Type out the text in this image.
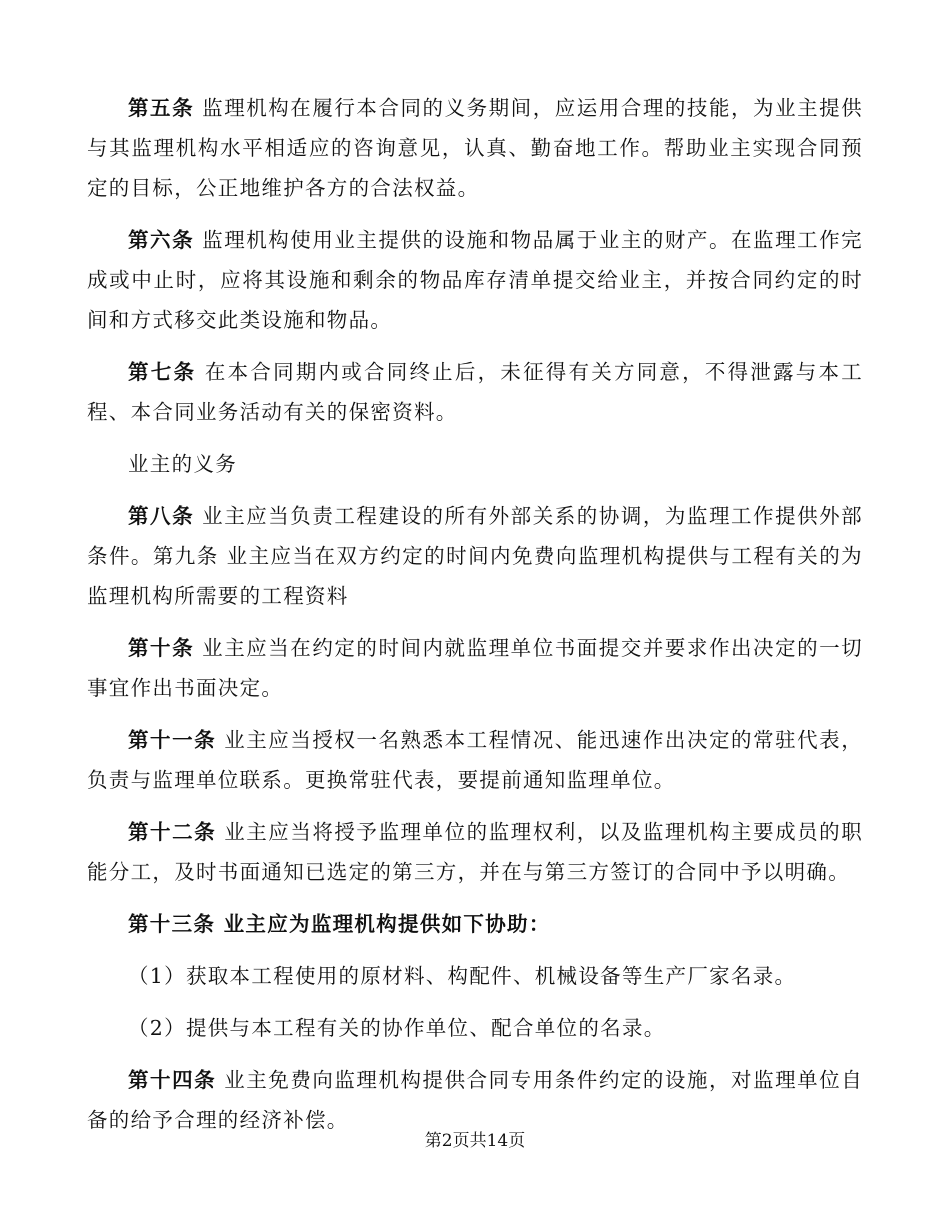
第五条 监理机构在履行本合同的义务期间，应运用合理的技能，为业主提供与其监理机构水平相适应的咨询意见，认真、勤奋地工作。帮助业主实现合同预定的目标，公正地维护各方的合法权益。

第六条 监理机构使用业主提供的设施和物品属于业主的财产。在监理工作完成或中止时，应将其设施和剩余的物品库存清单提交给业主，并按合同约定的时间和方式移交此类设施和物品。

第七条 在本合同期内或合同终止后，未征得有关方同意，不得泄露与本工程、本合同业务活动有关的保密资料。

业主的义务

第八条 业主应当负责工程建设的所有外部关系的协调，为监理工作提供外部条件。第九条 业主应当在双方约定的时间内免费向监理机构提供与工程有关的为监理机构所需要的工程资料

第十条 业主应当在约定的时间内就监理单位书面提交并要求作出决定的一切事宜作出书面决定。

第十一条 业主应当授权一名熟悉本工程情况、能迅速作出决定的常驻代表，负责与监理单位联系。更换常驻代表，要提前通知监理单位。

第十二条 业主应当将授予监理单位的监理权利，以及监理机构主要成员的职能分工，及时书面通知已选定的第三方，并在与第三方签订的合同中予以明确。

第十三条 业主应为监理机构提供如下协助：

（1）获取本工程使用的原材料、构配件、机械设备等生产厂家名录。

（2）提供与本工程有关的协作单位、配合单位的名录。

第十四条 业主免费向监理机构提供合同专用条件约定的设施，对监理单位自备的给予合理的经济补偿。

第2页共14页
